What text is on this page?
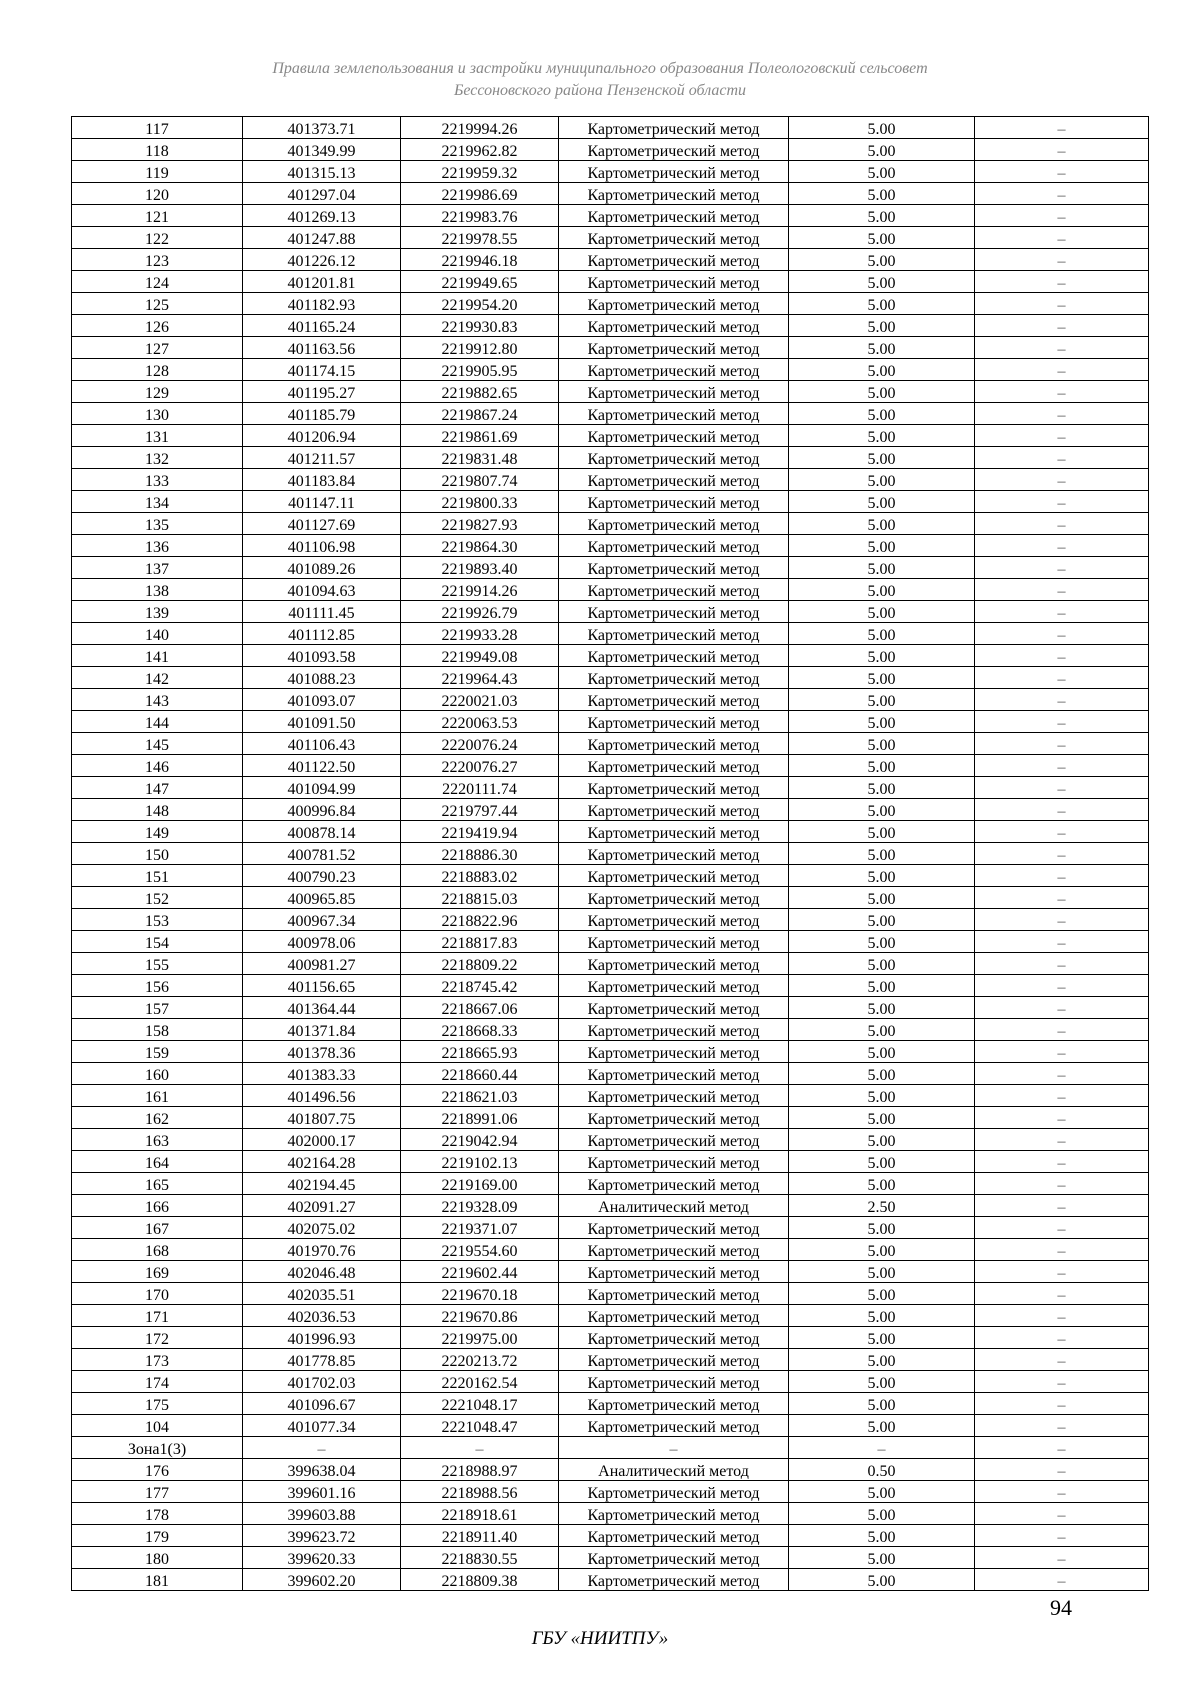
Правила землепользования и застройки муниципального образования Полеологовский сельсовет
Бессоновского района Пензенской области
117	401373.71	2219994.26	Картометрический метод	5.00	–
118	401349.99	2219962.82	Картометрический метод	5.00	–
119	401315.13	2219959.32	Картометрический метод	5.00	–
120	401297.04	2219986.69	Картометрический метод	5.00	–
121	401269.13	2219983.76	Картометрический метод	5.00	–
122	401247.88	2219978.55	Картометрический метод	5.00	–
123	401226.12	2219946.18	Картометрический метод	5.00	–
124	401201.81	2219949.65	Картометрический метод	5.00	–
125	401182.93	2219954.20	Картометрический метод	5.00	–
126	401165.24	2219930.83	Картометрический метод	5.00	–
127	401163.56	2219912.80	Картометрический метод	5.00	–
128	401174.15	2219905.95	Картометрический метод	5.00	–
129	401195.27	2219882.65	Картометрический метод	5.00	–
130	401185.79	2219867.24	Картометрический метод	5.00	–
131	401206.94	2219861.69	Картометрический метод	5.00	–
132	401211.57	2219831.48	Картометрический метод	5.00	–
133	401183.84	2219807.74	Картометрический метод	5.00	–
134	401147.11	2219800.33	Картометрический метод	5.00	–
135	401127.69	2219827.93	Картометрический метод	5.00	–
136	401106.98	2219864.30	Картометрический метод	5.00	–
137	401089.26	2219893.40	Картометрический метод	5.00	–
138	401094.63	2219914.26	Картометрический метод	5.00	–
139	401111.45	2219926.79	Картометрический метод	5.00	–
140	401112.85	2219933.28	Картометрический метод	5.00	–
141	401093.58	2219949.08	Картометрический метод	5.00	–
142	401088.23	2219964.43	Картометрический метод	5.00	–
143	401093.07	2220021.03	Картометрический метод	5.00	–
144	401091.50	2220063.53	Картометрический метод	5.00	–
145	401106.43	2220076.24	Картометрический метод	5.00	–
146	401122.50	2220076.27	Картометрический метод	5.00	–
147	401094.99	2220111.74	Картометрический метод	5.00	–
148	400996.84	2219797.44	Картометрический метод	5.00	–
149	400878.14	2219419.94	Картометрический метод	5.00	–
150	400781.52	2218886.30	Картометрический метод	5.00	–
151	400790.23	2218883.02	Картометрический метод	5.00	–
152	400965.85	2218815.03	Картометрический метод	5.00	–
153	400967.34	2218822.96	Картометрический метод	5.00	–
154	400978.06	2218817.83	Картометрический метод	5.00	–
155	400981.27	2218809.22	Картометрический метод	5.00	–
156	401156.65	2218745.42	Картометрический метод	5.00	–
157	401364.44	2218667.06	Картометрический метод	5.00	–
158	401371.84	2218668.33	Картометрический метод	5.00	–
159	401378.36	2218665.93	Картометрический метод	5.00	–
160	401383.33	2218660.44	Картометрический метод	5.00	–
161	401496.56	2218621.03	Картометрический метод	5.00	–
162	401807.75	2218991.06	Картометрический метод	5.00	–
163	402000.17	2219042.94	Картометрический метод	5.00	–
164	402164.28	2219102.13	Картометрический метод	5.00	–
165	402194.45	2219169.00	Картометрический метод	5.00	–
166	402091.27	2219328.09	Аналитический метод	2.50	–
167	402075.02	2219371.07	Картометрический метод	5.00	–
168	401970.76	2219554.60	Картометрический метод	5.00	–
169	402046.48	2219602.44	Картометрический метод	5.00	–
170	402035.51	2219670.18	Картометрический метод	5.00	–
171	402036.53	2219670.86	Картометрический метод	5.00	–
172	401996.93	2219975.00	Картометрический метод	5.00	–
173	401778.85	2220213.72	Картометрический метод	5.00	–
174	401702.03	2220162.54	Картометрический метод	5.00	–
175	401096.67	2221048.17	Картометрический метод	5.00	–
104	401077.34	2221048.47	Картометрический метод	5.00	–
Зона1(3)	–	–	–	–	–
176	399638.04	2218988.97	Аналитический метод	0.50	–
177	399601.16	2218988.56	Картометрический метод	5.00	–
178	399603.88	2218918.61	Картометрический метод	5.00	–
179	399623.72	2218911.40	Картометрический метод	5.00	–
180	399620.33	2218830.55	Картометрический метод	5.00	–
181	399602.20	2218809.38	Картометрический метод	5.00	–
94
ГБУ «НИИТПУ»
